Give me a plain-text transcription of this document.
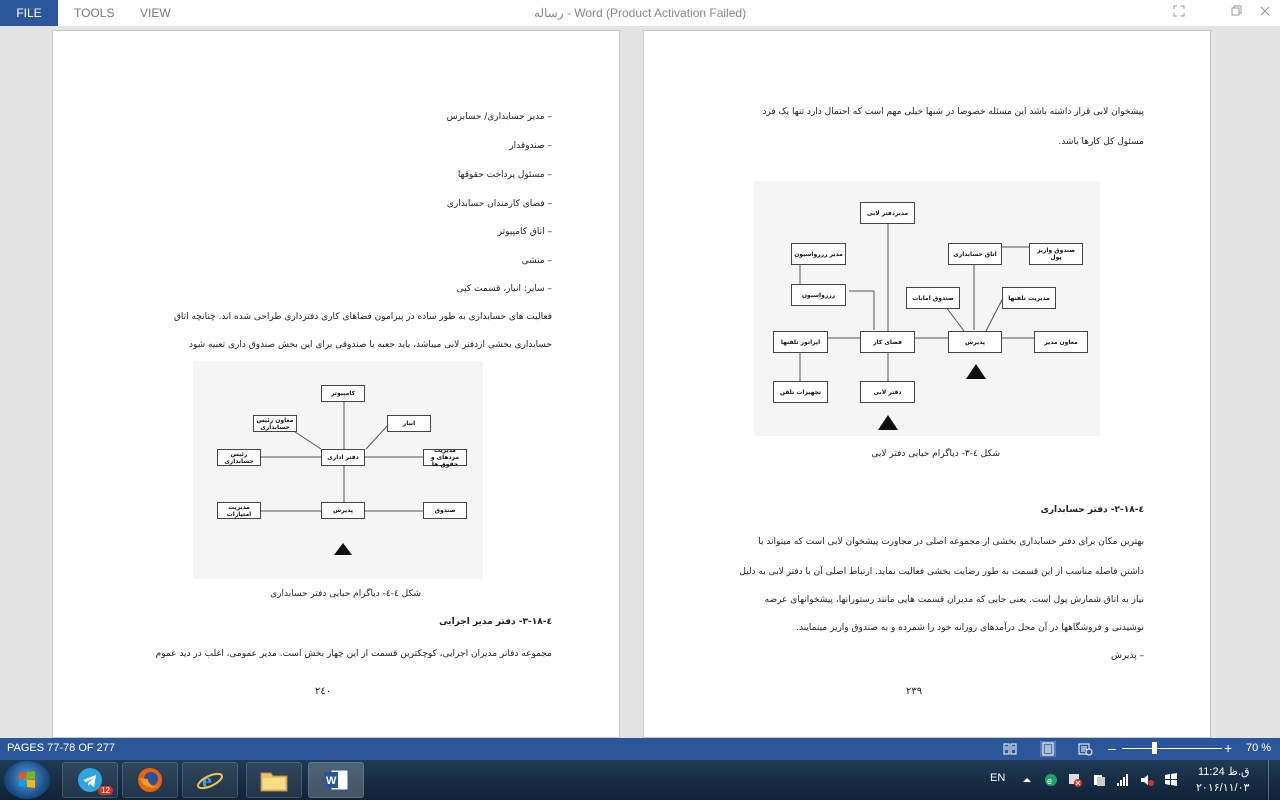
FILE	TOOLS VIEW	رساله - Word (Product Activation Failed)
– مدیر حسابداری/ حسابرس
– صندوقدار
– مسئول پرداخت حقوقها
– فضای کارمندان حسابداری
– اتاق کامپیوتر
– منشی
– سایر: انبار، قسمت کپی
فعالیت های حسابداری به طور ساده در پیرامون فضاهای کاری دفترداری طراحی شده اند. چنانچه اتاق
حسابداری بخشی ازدفتر لابی میباشد، باید جعبه یا صندوقی برای این بخش صندوق داری تعبیه شود
کامپیوتر
معاون رئیس حسابداری	انبار
رئیس حسابداری	دفتر اداری
مدیریت مزدهای و حقوق ها
مدیریت امتیازات	پذیرش	صندوق
شکل ٤-٤- دیاگرام حبابی دفتر حسابداری
٤-١٨-٣- دفتر مدیر اجرایی
مجموعه دفاتر مدیران اجرایی، کوچکترین قسمت از این چهار بخش است. مدیر عمومی، اغلب در دید عموم
٢٤٠
پیشخوان لابی قرار داشته باشد این مسئله خصوصا در شبها خیلی مهم است که احتمال دارد تنها یک فرد
مسئول کل کارها باشد.
مدیردفتر لابی
مدیر رزرواسیون	اتاق حسابداری	صندوق واریز پول
رزرواسیون	صندوق امانات	مدیریت تلفنها
اپراتور تلفنها	فضای کار	پذیرش	معاون مدیر
تجهیزات تلفن	دفتر لابی
شکل ٤-٣- دیاگرام حبابی دفتر لابی
٤-١٨-٢- دفتر حسابداری
بهترین مکان برای دفتر حسابداری بخشی از مجموعه اصلی در مجاورت پیشخوان لابی است که میتواند با
داشتن فاصله مناسب از این قسمت به طور رضایت بخشی فعالیت نماید. ارتباط اصلی آن با دفتر لابی به دلیل
نیاز به اتاق شمارش پول است. یعنی جایی که مدیران قسمت هایی مانند رستورانها، پیشخوانهای عرضه
نوشیدنی و فروشگاهها در آن محل درآمدهای روزانه خود را شمرده و به صندوق واریز مینمایند.
– پذیرش
٢٣٩
PAGES 77-78 OF 277	–	+ 70 %
12	e	W	EN	e
11:24 ق.ظ
٢٠١۶/١١/٠٣
